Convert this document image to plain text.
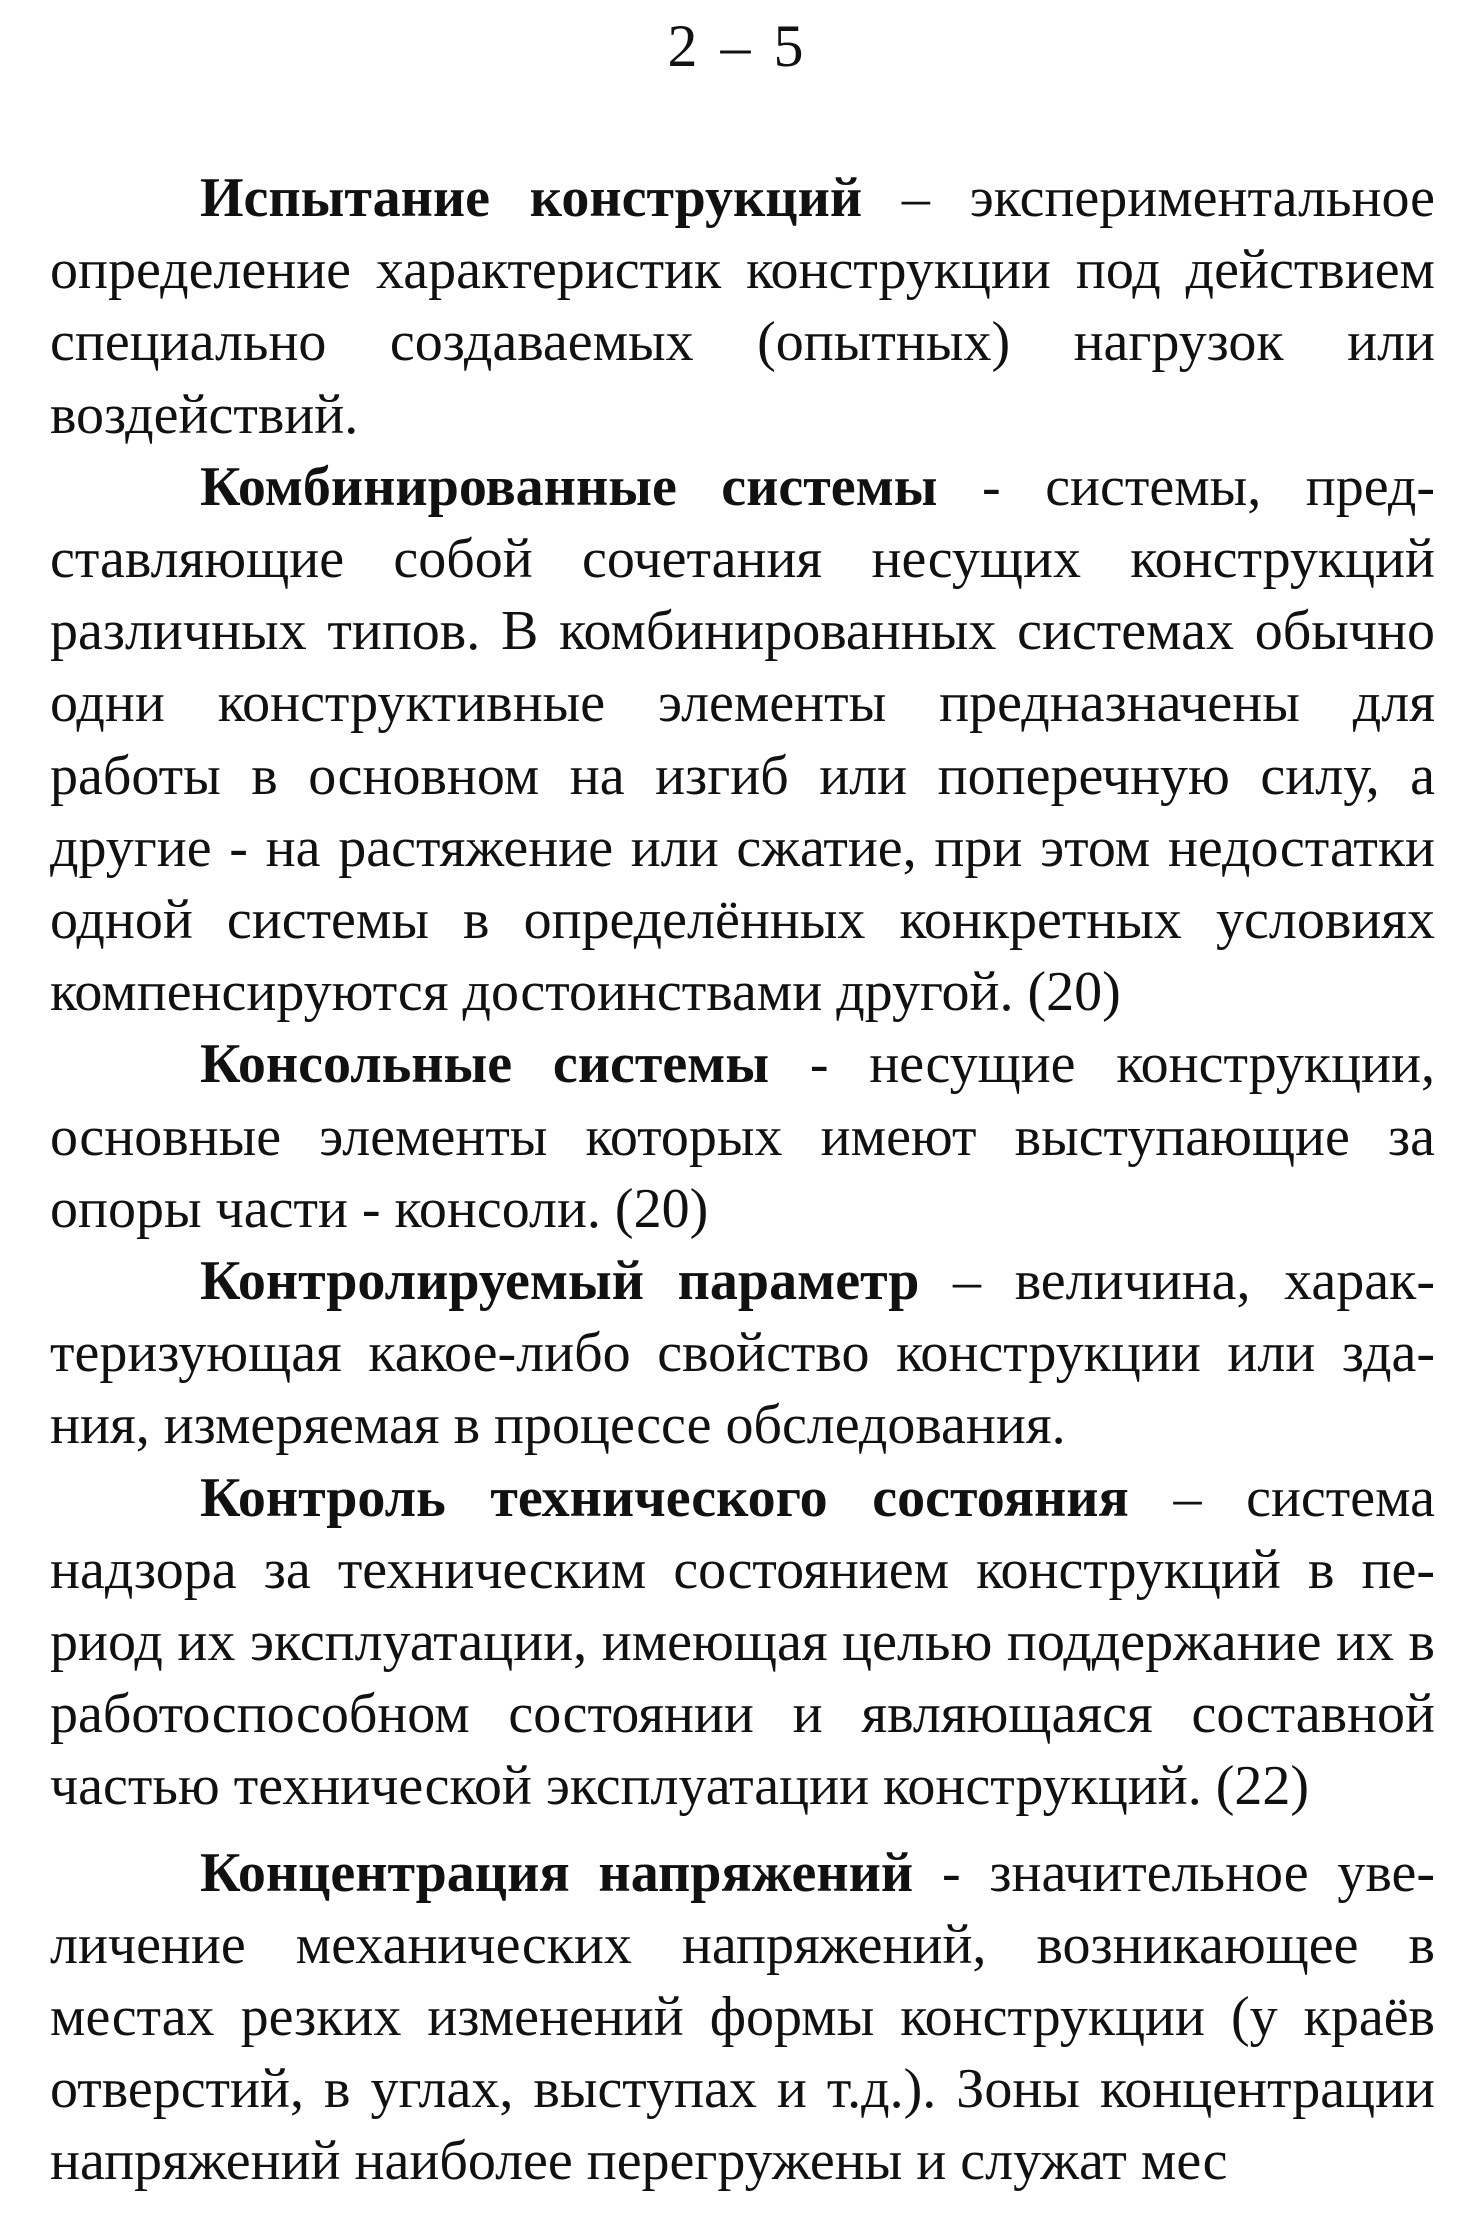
2 – 5

Испытание конструкций – экспериментальное определение характеристик конструкции под действием специально создаваемых (опытных) нагрузок или воздействий.

Комбинированные системы - системы, представляющие собой сочетания несущих конструкций различных типов. В комбинированных системах обычно одни конструктивные элементы предназначены для работы в основном на изгиб или поперечную силу, а другие - на растяжение или сжатие, при этом недостатки одной системы в определённых конкретных условиях компенсируются достоинствами другой. (20)

Консольные системы - несущие конструкции, основные элементы которых имеют выступающие за опоры части - консоли. (20)

Контролируемый параметр – величина, характеризующая какое-либо свойство конструкции или здания, измеряемая в процессе обследования.

Контроль технического состояния – система надзора за техническим состоянием конструкций в период их эксплуатации, имеющая целью поддержание их в работоспособном состоянии и являющаяся составной частью технической эксплуатации конструкций. (22)

Концентрация напряжений - значительное увеличение механических напряжений, возникающее в местах резких изменений формы конструкции (у краёв отверстий, в углах, выступах и т.д.). Зоны концентрации напряжений наиболее перегружены и служат мес
